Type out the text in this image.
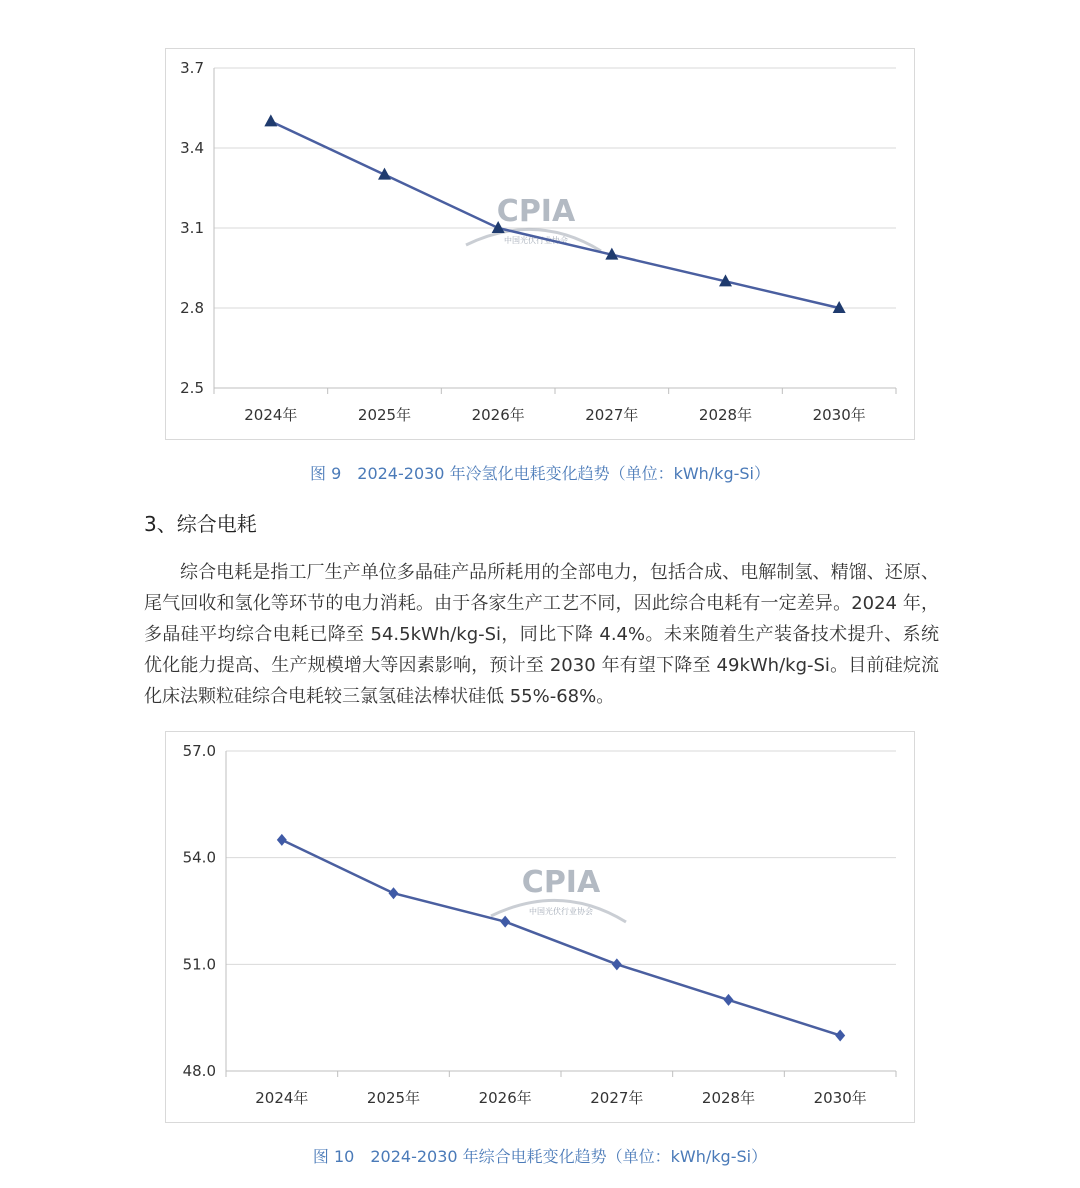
2.5
2.8
3.1
3.4
3.7
2024年	2025年	2026年	2027年	2028年	2030年
CPIA
中国光伏行业协会
图 9　2024-2030 年冷氢化电耗变化趋势（单位：kWh/kg-Si）
3、综合电耗

综合电耗是指工厂生产单位多晶硅产品所耗用的全部电力，包括合成、电解制氢、精馏、还原、尾气回收和氢化等环节的电力消耗。由于各家生产工艺不同，因此综合电耗有一定差异。2024 年，多晶硅平均综合电耗已降至 54.5kWh/kg-Si，同比下降 4.4%。未来随着生产装备技术提升、系统优化能力提高、生产规模增大等因素影响，预计至 2030 年有望下降至 49kWh/kg-Si。目前硅烷流化床法颗粒硅综合电耗较三氯氢硅法棒状硅低 55%-68%。

48.0
51.0
54.0
57.0
2024年	2025年	2026年	2027年	2028年	2030年
CPIA
中国光伏行业协会
图 10　2024-2030 年综合电耗变化趋势（单位：kWh/kg-Si）
